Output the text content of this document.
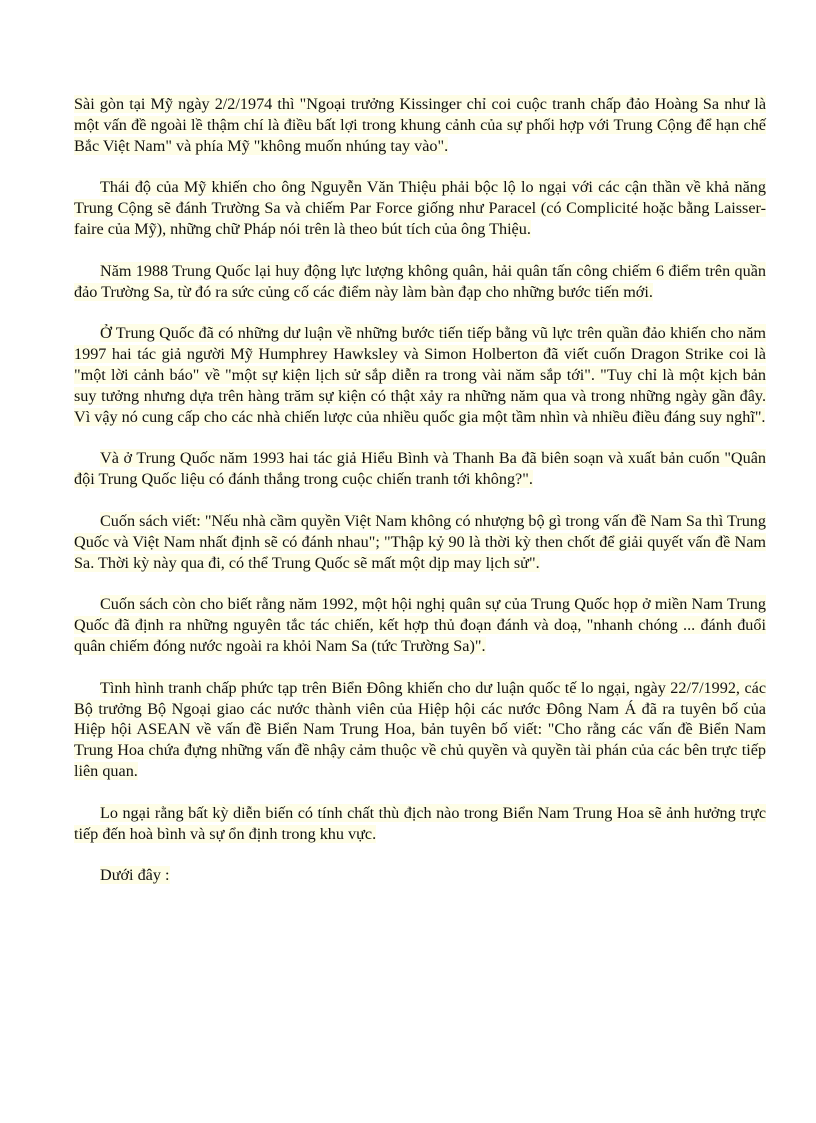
Sài gòn tại Mỹ ngày 2/2/1974 thì "Ngoại trưởng Kissinger chỉ coi cuộc tranh chấp đảo Hoàng Sa như là một vấn đề ngoài lề thậm chí là điều bất lợi trong khung cảnh của sự phối hợp với Trung Cộng để hạn chế Bắc Việt Nam" và phía Mỹ "không muốn nhúng tay vào".

Thái độ của Mỹ khiến cho ông Nguyễn Văn Thiệu phải bộc lộ lo ngại với các cận thần về khả năng Trung Cộng sẽ đánh Trường Sa và chiếm Par Force giống như Paracel (có Complicité hoặc bằng Laisser-faire của Mỹ), những chữ Pháp nói trên là theo bút tích của ông Thiệu.

Năm 1988 Trung Quốc lại huy động lực lượng không quân, hải quân tấn công chiếm 6 điểm trên quần đảo Trường Sa, từ đó ra sức củng cố các điểm này làm bàn đạp cho những bước tiến mới.

Ở Trung Quốc đã có những dư luận về những bước tiến tiếp bằng vũ lực trên quần đảo khiến cho năm 1997 hai tác giả người Mỹ Humphrey Hawksley và Simon Holberton đã viết cuốn Dragon Strike coi là "một lời cảnh báo" về "một sự kiện lịch sử sắp diễn ra trong vài năm sắp tới". "Tuy chỉ là một kịch bản suy tưởng nhưng dựa trên hàng trăm sự kiện có thật xảy ra những năm qua và trong những ngày gần đây. Vì vậy nó cung cấp cho các nhà chiến lược của nhiều quốc gia một tầm nhìn và nhiều điều đáng suy nghĩ".

Và ở Trung Quốc năm 1993 hai tác giả Hiểu Bình và Thanh Ba đã biên soạn và xuất bản cuốn "Quân đội Trung Quốc liệu có đánh thắng trong cuộc chiến tranh tới không?".

Cuốn sách viết: "Nếu nhà cầm quyền Việt Nam không có nhượng bộ gì trong vấn đề Nam Sa thì Trung Quốc và Việt Nam nhất định sẽ có đánh nhau"; "Thập kỷ 90 là thời kỳ then chốt để giải quyết vấn đề Nam Sa. Thời kỳ này qua đi, có thể Trung Quốc sẽ mất một dịp may lịch sử".

Cuốn sách còn cho biết rằng năm 1992, một hội nghị quân sự của Trung Quốc họp ở miền Nam Trung Quốc đã định ra những nguyên tắc tác chiến, kết hợp thủ đoạn đánh và doạ, "nhanh chóng ... đánh đuổi quân chiếm đóng nước ngoài ra khỏi Nam Sa (tức Trường Sa)".

Tình hình tranh chấp phức tạp trên Biển Đông khiến cho dư luận quốc tế lo ngại, ngày 22/7/1992, các Bộ trưởng Bộ Ngoại giao các nước thành viên của Hiệp hội các nước Đông Nam Á đã ra tuyên bố của Hiệp hội ASEAN về vấn đề Biển Nam Trung Hoa, bản tuyên bố viết: "Cho rằng các vấn đề Biển Nam Trung Hoa chứa đựng những vấn đề nhậy cảm thuộc về chủ quyền và quyền tài phán của các bên trực tiếp liên quan.

Lo ngại rằng bất kỳ diễn biến có tính chất thù địch nào trong Biển Nam Trung Hoa sẽ ảnh hưởng trực tiếp đến hoà bình và sự ổn định trong khu vực.

Dưới đây :
